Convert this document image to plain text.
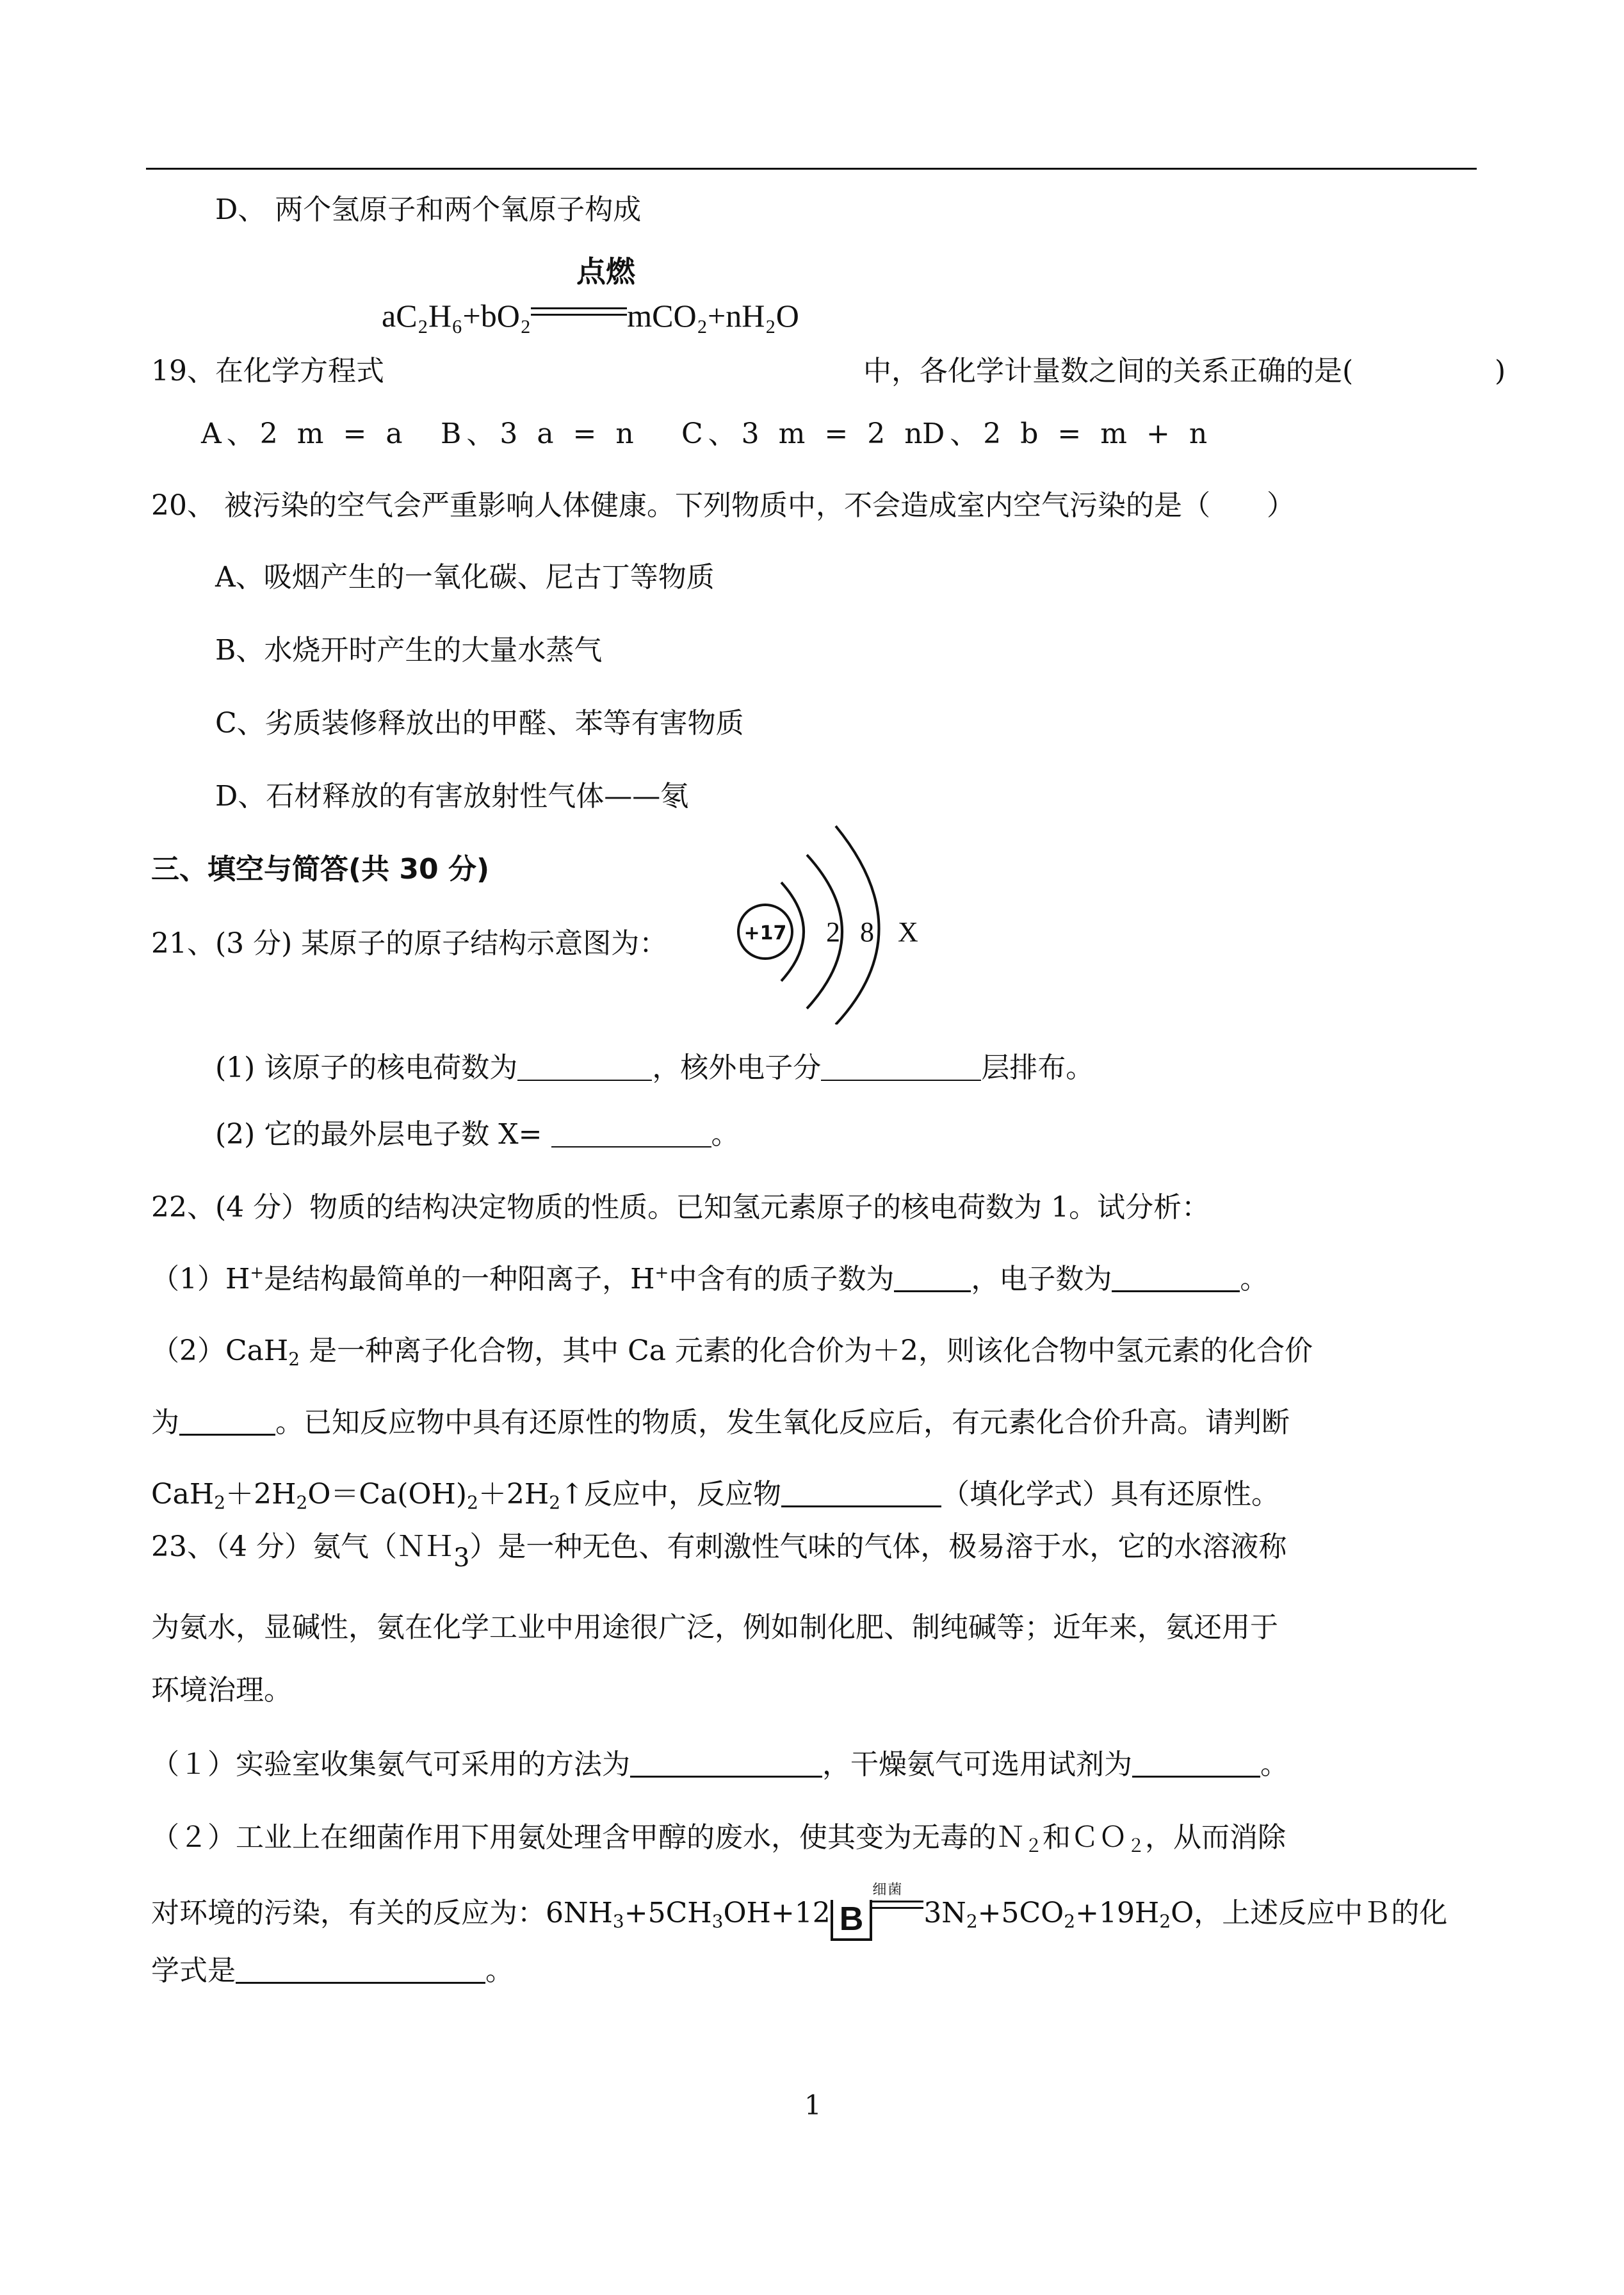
D、 两个氢原子和两个氧原子构成
点燃
aC₂H₆+bO₂	mCO₂+nH₂O
19、在化学方程式	中，各化学计量数之间的关系正确的是(	)
A、2 m = a B、3 a = n C、3 m = 2 n
D、2 b = m + n
20、 被污染的空气会严重影响人体健康。下列物质中，不会造成室内空气污染的是（　　）
A、吸烟产生的一氧化碳、尼古丁等物质
B、水烧开时产生的大量水蒸气
C、劣质装修释放出的甲醛、苯等有害物质
D、石材释放的有害放射性气体——氡
三、填空与简答(共 30 分)
21、(3 分) 某原子的原子结构示意图为：	+17 2 8 X
(1) 该原子的核电荷数为	，核外电子分	层排布。
(2) 它的最外层电子数 X=	。
22、(4 分）物质的结构决定物质的性质。已知氢元素原子的核电荷数为 1。试分析：
（1）H+是结构最简单的一种阳离子，H+中含有的质子数为	，电子数为	。
（2）CaH$_2$ 是一种离子化合物，其中 Ca 元素的化合价为＋2，则该化合物中氢元素的化合价
为	。已知反应物中具有还原性的物质，发生氧化反应后，有元素化合价升高。请判断
$CaH_2+2H_2O=Ca(OH)_2+2H_2↑$反应中，反应物	（填化学式）具有还原性。
23、（4 分）氨气（ＮＨ$_3$）是一种无色、有刺激性气味的气体，极易溶于水，它的水溶液称
为氨水，显碱性，氨在化学工业中用途很广泛，例如制化肥、制纯碱等；近年来，氨还用于
环境治理。
（１）实验室收集氨气可采用的方法为	，干燥氨气可选用试剂为	。
（２）工业上在细菌作用下用氨处理含甲醇的废水，使其变为无毒的Ｎ$_2$和ＣＯ$_2$，从而消除
对环境的污染，有关的反应为：$6NH_3+5CH_3OH+12$ B
细菌
$3N_2+5CO_2+19H_2O$，上述反应中Ｂ的化
学式是	。
1
